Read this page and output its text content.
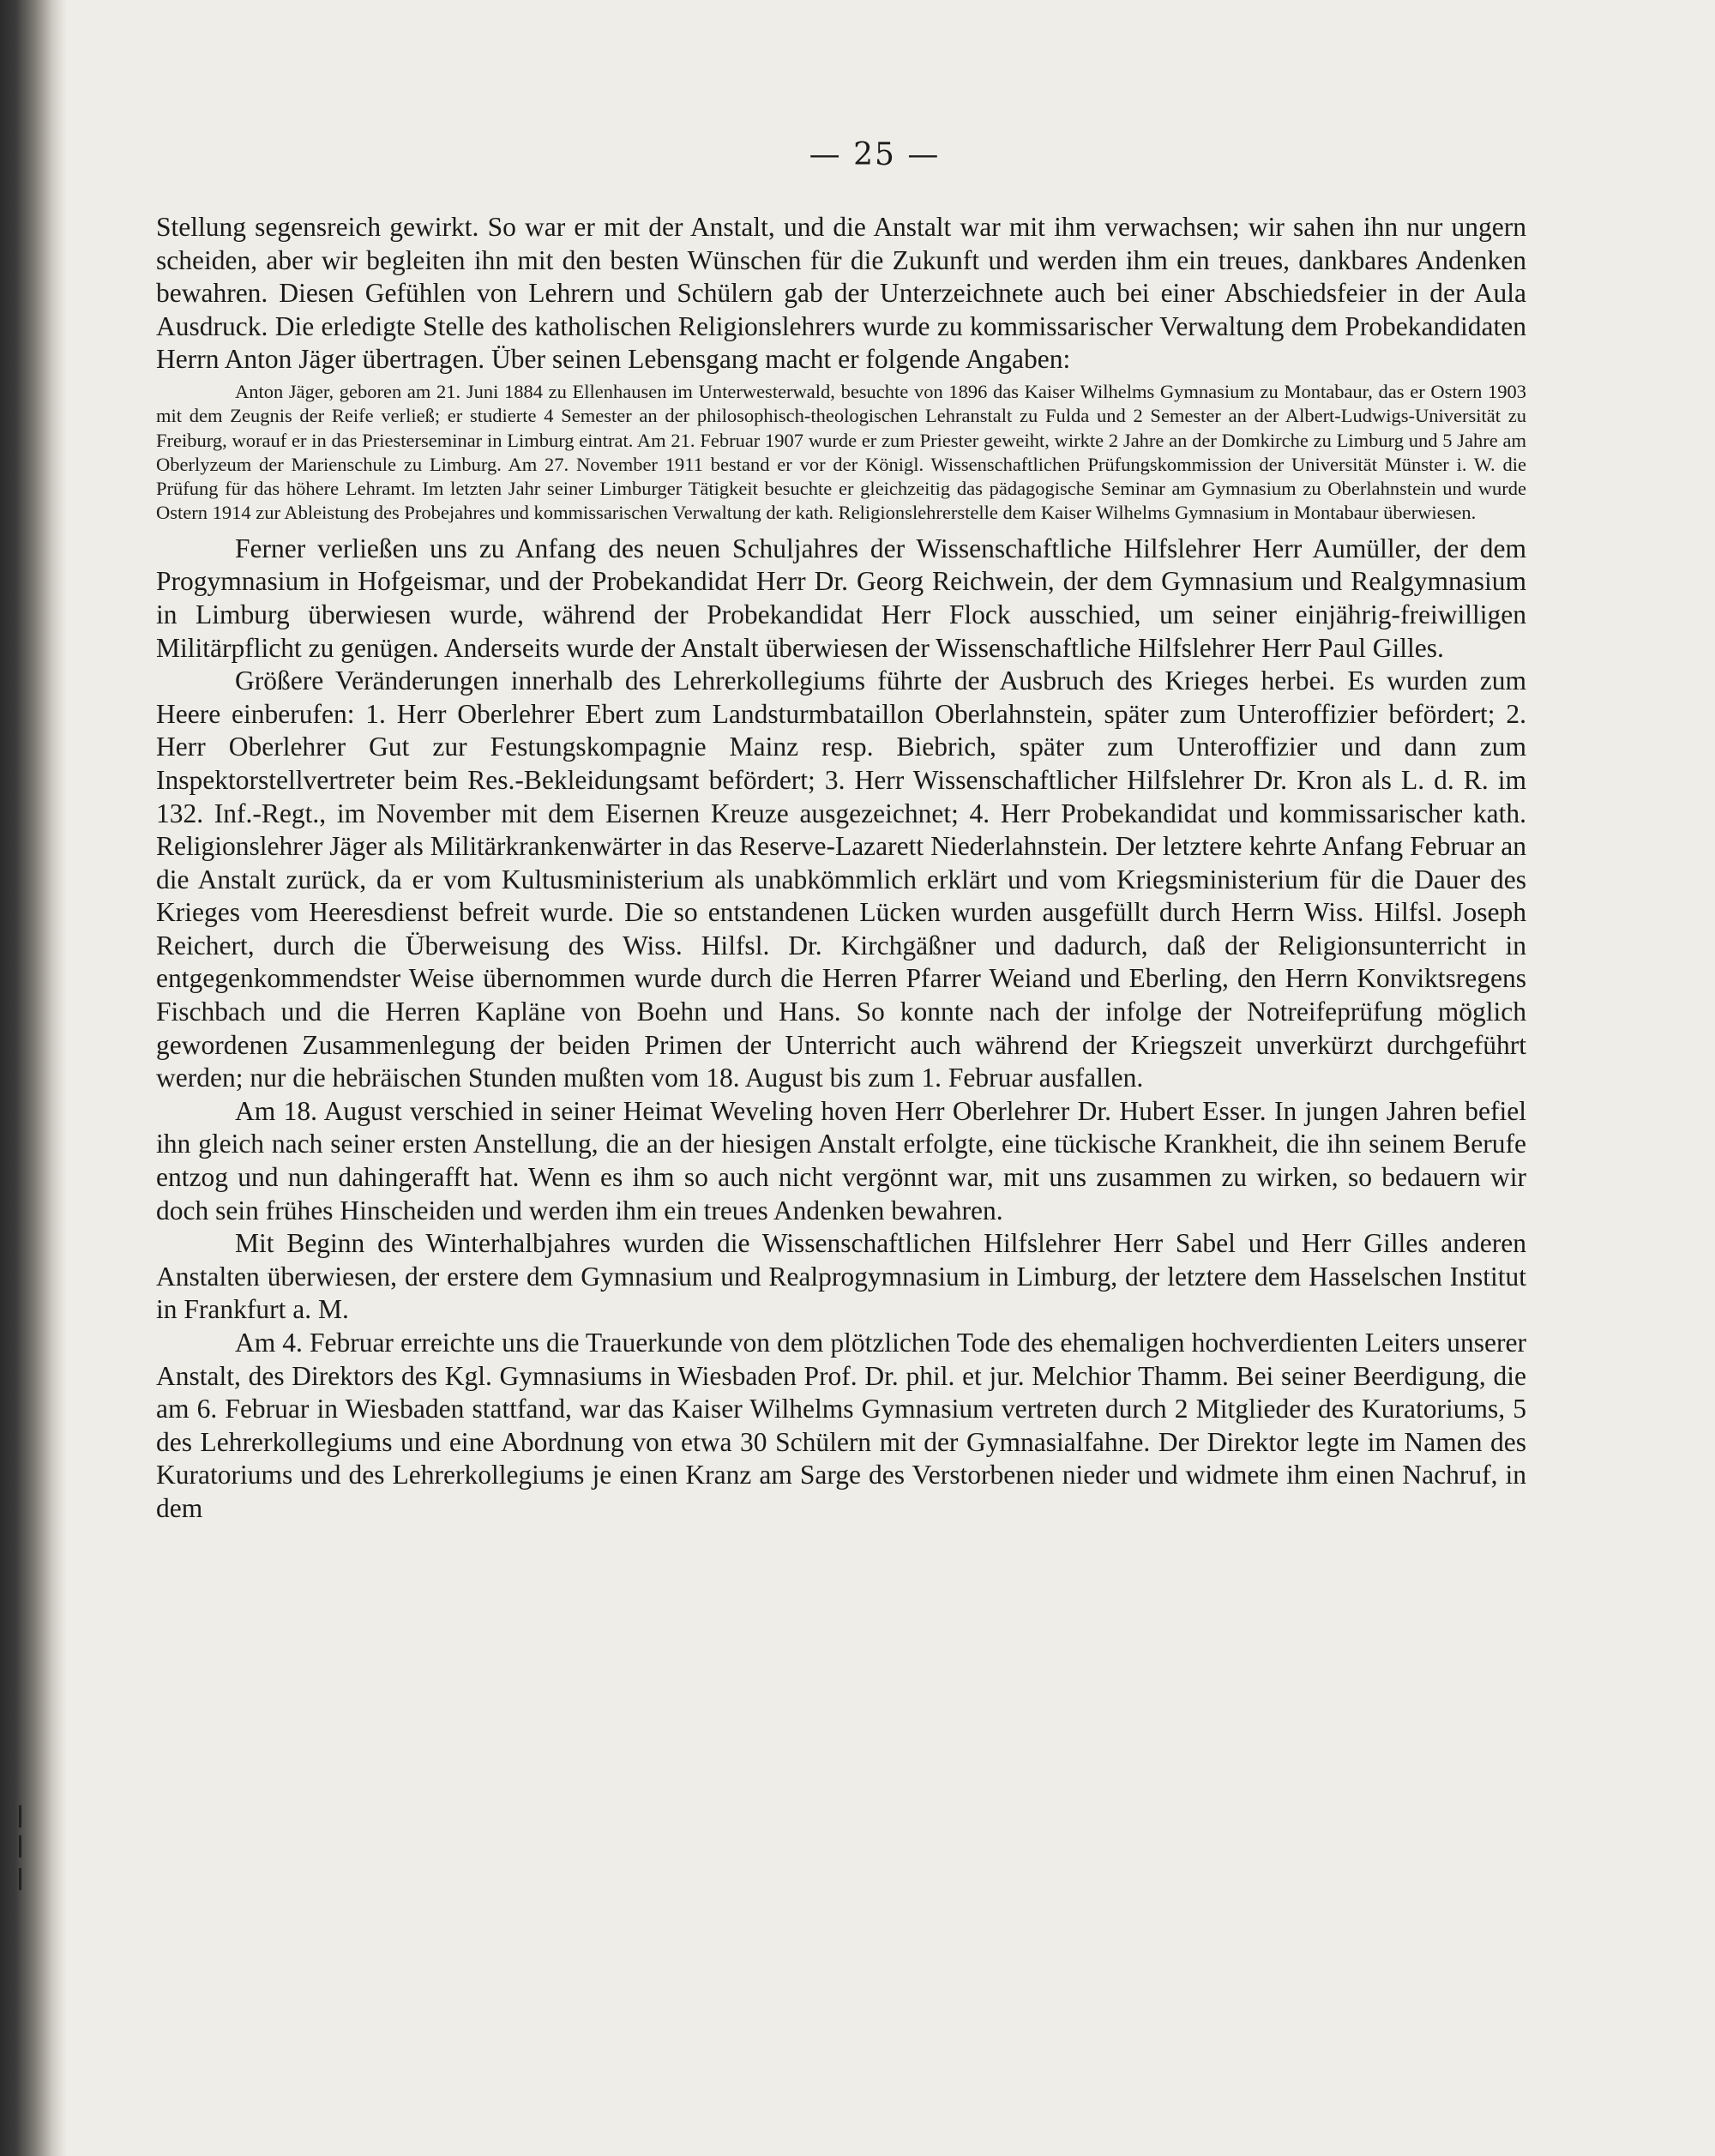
— 25 —

Stellung segensreich gewirkt. So war er mit der Anstalt, und die Anstalt war mit ihm verwachsen; wir sahen ihn nur ungern scheiden, aber wir begleiten ihn mit den besten Wünschen für die Zukunft und werden ihm ein treues, dankbares Andenken bewahren. Diesen Gefühlen von Lehrern und Schülern gab der Unterzeichnete auch bei einer Abschiedsfeier in der Aula Ausdruck. Die erledigte Stelle des katholischen Religionslehrers wurde zu kommissarischer Verwaltung dem Probekandidaten Herrn Anton Jäger übertragen. Über seinen Lebensgang macht er folgende Angaben:

Anton Jäger, geboren am 21. Juni 1884 zu Ellenhausen im Unterwesterwald, besuchte von 1896 das Kaiser Wilhelms Gymnasium zu Montabaur, das er Ostern 1903 mit dem Zeugnis der Reife verließ; er studierte 4 Semester an der philosophisch-theologischen Lehranstalt zu Fulda und 2 Semester an der Albert-Ludwigs-Universität zu Freiburg, worauf er in das Priesterseminar in Limburg eintrat. Am 21. Februar 1907 wurde er zum Priester geweiht, wirkte 2 Jahre an der Domkirche zu Limburg und 5 Jahre am Oberlyzeum der Marienschule zu Limburg. Am 27. November 1911 bestand er vor der Königl. Wissenschaftlichen Prüfungskommission der Universität Münster i. W. die Prüfung für das höhere Lehramt. Im letzten Jahr seiner Limburger Tätigkeit besuchte er gleichzeitig das pädagogische Seminar am Gymnasium zu Oberlahnstein und wurde Ostern 1914 zur Ableistung des Probejahres und kommissarischen Verwaltung der kath. Religionslehrerstelle dem Kaiser Wilhelms Gymnasium in Montabaur überwiesen.

Ferner verließen uns zu Anfang des neuen Schuljahres der Wissenschaftliche Hilfslehrer Herr Aumüller, der dem Progymnasium in Hofgeismar, und der Probekandidat Herr Dr. Georg Reichwein, der dem Gymnasium und Realgymnasium in Limburg überwiesen wurde, während der Probekandidat Herr Flock ausschied, um seiner einjährig-freiwilligen Militärpflicht zu genügen. Anderseits wurde der Anstalt überwiesen der Wissenschaftliche Hilfslehrer Herr Paul Gilles.

Größere Veränderungen innerhalb des Lehrerkollegiums führte der Ausbruch des Krieges herbei. Es wurden zum Heere einberufen: 1. Herr Oberlehrer Ebert zum Landsturmbataillon Oberlahnstein, später zum Unteroffizier befördert; 2. Herr Oberlehrer Gut zur Festungskompagnie Mainz resp. Biebrich, später zum Unteroffizier und dann zum Inspektorstellvertreter beim Res.-Bekleidungsamt befördert; 3. Herr Wissenschaftlicher Hilfslehrer Dr. Kron als L. d. R. im 132. Inf.-Regt., im November mit dem Eisernen Kreuze ausgezeichnet; 4. Herr Probekandidat und kommissarischer kath. Religionslehrer Jäger als Militärkrankenwärter in das Reserve-Lazarett Niederlahnstein. Der letztere kehrte Anfang Februar an die Anstalt zurück, da er vom Kultusministerium als unabkömmlich erklärt und vom Kriegsministerium für die Dauer des Krieges vom Heeresdienst befreit wurde. Die so entstandenen Lücken wurden ausgefüllt durch Herrn Wiss. Hilfsl. Joseph Reichert, durch die Überweisung des Wiss. Hilfsl. Dr. Kirchgäßner und dadurch, daß der Religionsunterricht in entgegenkommendster Weise übernommen wurde durch die Herren Pfarrer Weiand und Eberling, den Herrn Konviktsregens Fischbach und die Herren Kapläne von Boehn und Hans. So konnte nach der infolge der Notreifeprüfung möglich gewordenen Zusammenlegung der beiden Primen der Unterricht auch während der Kriegszeit unverkürzt durchgeführt werden; nur die hebräischen Stunden mußten vom 18. August bis zum 1. Februar ausfallen.

Am 18. August verschied in seiner Heimat Weveling hoven Herr Oberlehrer Dr. Hubert Esser. In jungen Jahren befiel ihn gleich nach seiner ersten Anstellung, die an der hiesigen Anstalt erfolgte, eine tückische Krankheit, die ihn seinem Berufe entzog und nun dahingerafft hat. Wenn es ihm so auch nicht vergönnt war, mit uns zusammen zu wirken, so bedauern wir doch sein frühes Hinscheiden und werden ihm ein treues Andenken bewahren.

Mit Beginn des Winterhalbjahres wurden die Wissenschaftlichen Hilfslehrer Herr Sabel und Herr Gilles anderen Anstalten überwiesen, der erstere dem Gymnasium und Realprogymnasium in Limburg, der letztere dem Hasselschen Institut in Frankfurt a. M.

Am 4. Februar erreichte uns die Trauerkunde von dem plötzlichen Tode des ehemaligen hochverdienten Leiters unserer Anstalt, des Direktors des Kgl. Gymnasiums in Wiesbaden Prof. Dr. phil. et jur. Melchior Thamm. Bei seiner Beerdigung, die am 6. Februar in Wiesbaden stattfand, war das Kaiser Wilhelms Gymnasium vertreten durch 2 Mitglieder des Kuratoriums, 5 des Lehrerkollegiums und eine Abordnung von etwa 30 Schülern mit der Gymnasialfahne. Der Direktor legte im Namen des Kuratoriums und des Lehrerkollegiums je einen Kranz am Sarge des Verstorbenen nieder und widmete ihm einen Nachruf, in dem
